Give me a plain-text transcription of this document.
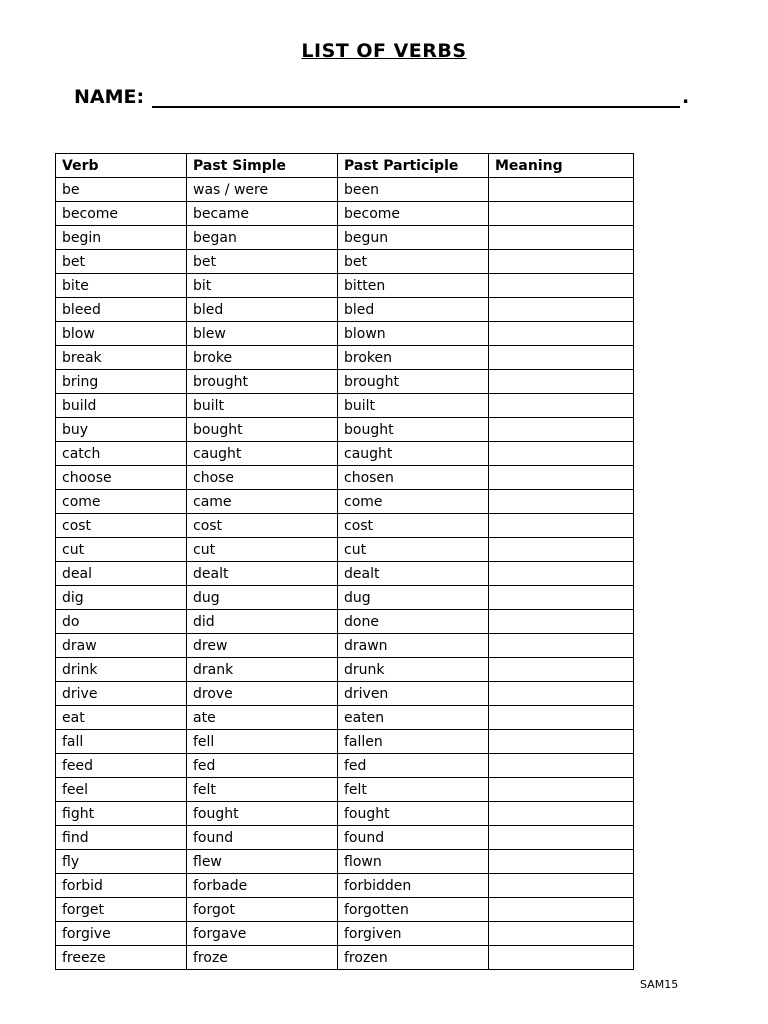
LIST OF VERBS
NAME:	.
Verb	Past Simple	Past Participle	Meaning
be	was / were	been	
become	became	become	
begin	began	begun	
bet	bet	bet	
bite	bit	bitten	
bleed	bled	bled	
blow	blew	blown	
break	broke	broken	
bring	brought	brought	
build	built	built	
buy	bought	bought	
catch	caught	caught	
choose	chose	chosen	
come	came	come	
cost	cost	cost	
cut	cut	cut	
deal	dealt	dealt	
dig	dug	dug	
do	did	done	
draw	drew	drawn	
drink	drank	drunk	
drive	drove	driven	
eat	ate	eaten	
fall	fell	fallen	
feed	fed	fed	
feel	felt	felt	
fight	fought	fought	
find	found	found	
fly	flew	flown	
forbid	forbade	forbidden	
forget	forgot	forgotten	
forgive	forgave	forgiven	
freeze	froze	frozen	
SAM15
